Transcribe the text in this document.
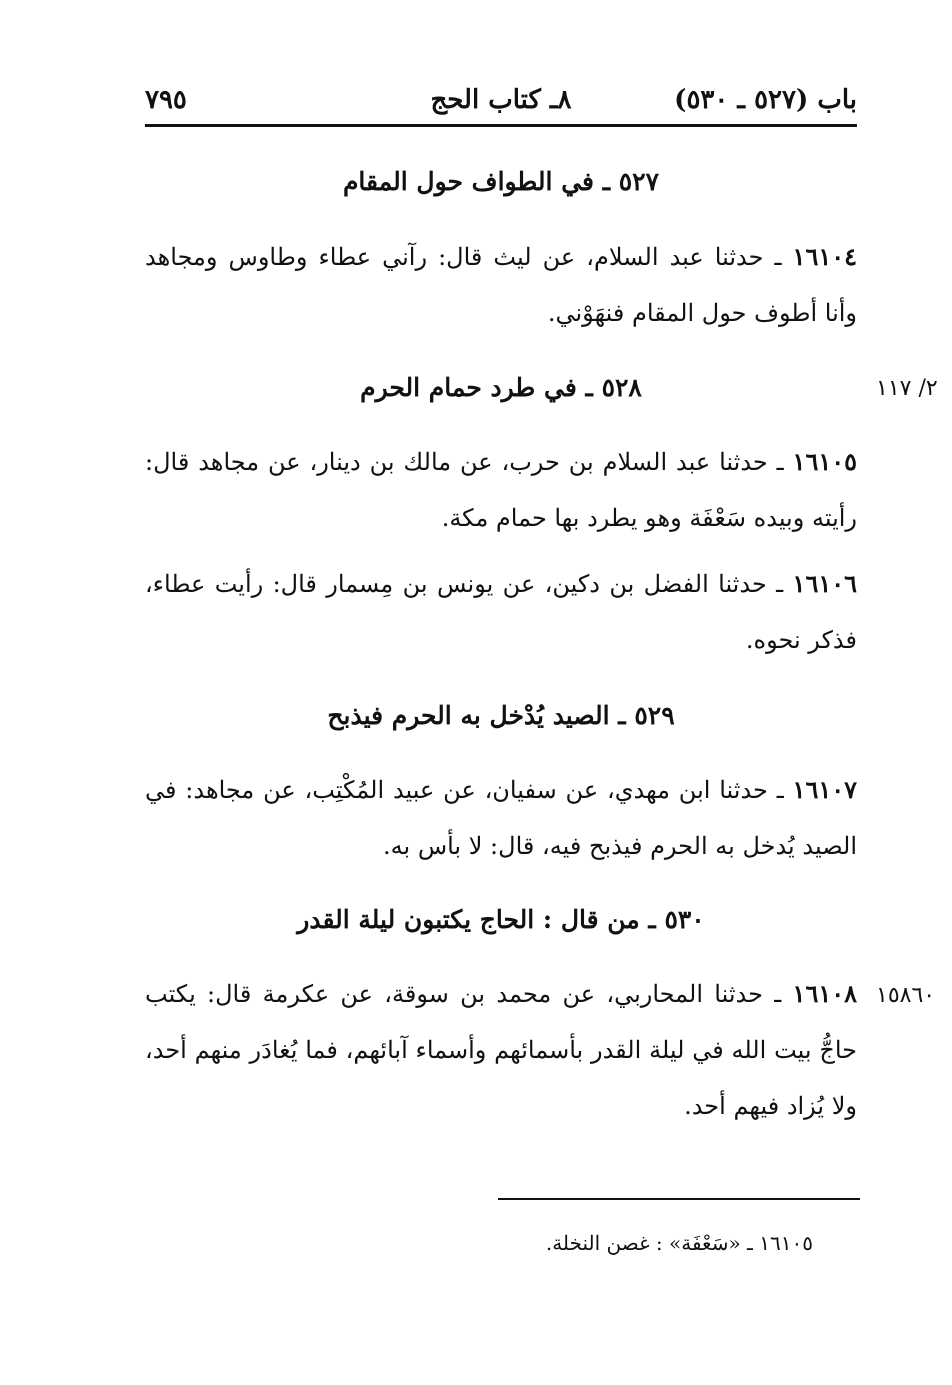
باب (٥٢٧ ـ ٥٣٠)
٨ـ كتاب الحج
٧٩٥
٥٢٧ ـ في الطواف حول المقام
١٦١٠٤ ـ حدثنا عبد السلام، عن ليث قال: رآني عطاء وطاوس ومجاهد وأنا أطوف حول المقام فنهَوْني.
٥٢٨ ـ في طرد حمام الحرم	٢/ ١١٧
١٦١٠٥ ـ حدثنا عبد السلام بن حرب، عن مالك بن دينار، عن مجاهد قال: رأيته وبيده سَعْفَة وهو يطرد بها حمام مكة.
١٦١٠٦ ـ حدثنا الفضل بن دكين، عن يونس بن مِسمار قال: رأيت عطاء، فذكر نحوه.
٥٢٩ ـ الصيد يُدْخل به الحرم فيذبح
١٦١٠٧ ـ حدثنا ابن مهدي، عن سفيان، عن عبيد المُكْتِب، عن مجاهد: في الصيد يُدخل به الحرم فيذبح فيه، قال: لا بأس به.
٥٣٠ ـ من قال : الحاج يكتبون ليلة القدر
١٥٨٦٠
١٦١٠٨ ـ حدثنا المحاربي، عن محمد بن سوقة، عن عكرمة قال: يكتب حاجُّ بيت الله في ليلة القدر بأسمائهم وأسماء آبائهم، فما يُغادَر منهم أحد، ولا يُزاد فيهم أحد.
١٦١٠٥ ـ «سَعْفَة» : غصن النخلة.
